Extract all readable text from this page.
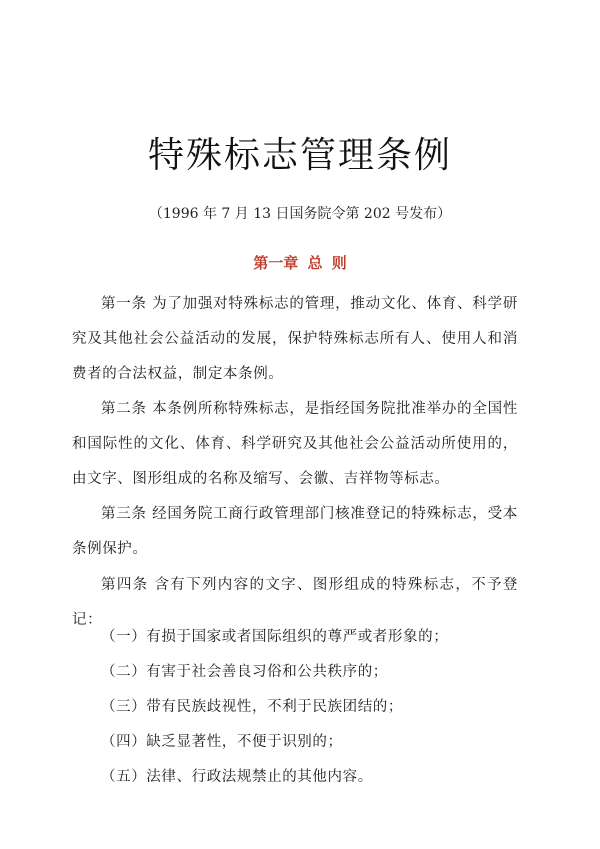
特殊标志管理条例
（1996 年 7 月 13 日国务院令第 202 号发布）
第一章 总 则

第一条 为了加强对特殊标志的管理，推动文化、体育、科学研究及其他社会公益活动的发展，保护特殊标志所有人、使用人和消费者的合法权益，制定本条例。

第二条 本条例所称特殊标志，是指经国务院批准举办的全国性和国际性的文化、体育、科学研究及其他社会公益活动所使用的，由文字、图形组成的名称及缩写、会徽、吉祥物等标志。

第三条 经国务院工商行政管理部门核准登记的特殊标志，受本条例保护。

第四条 含有下列内容的文字、图形组成的特殊标志，不予登记：

（一）有损于国家或者国际组织的尊严或者形象的；

（二）有害于社会善良习俗和公共秩序的；

（三）带有民族歧视性，不利于民族团结的；

（四）缺乏显著性，不便于识别的；

（五）法律、行政法规禁止的其他内容。
